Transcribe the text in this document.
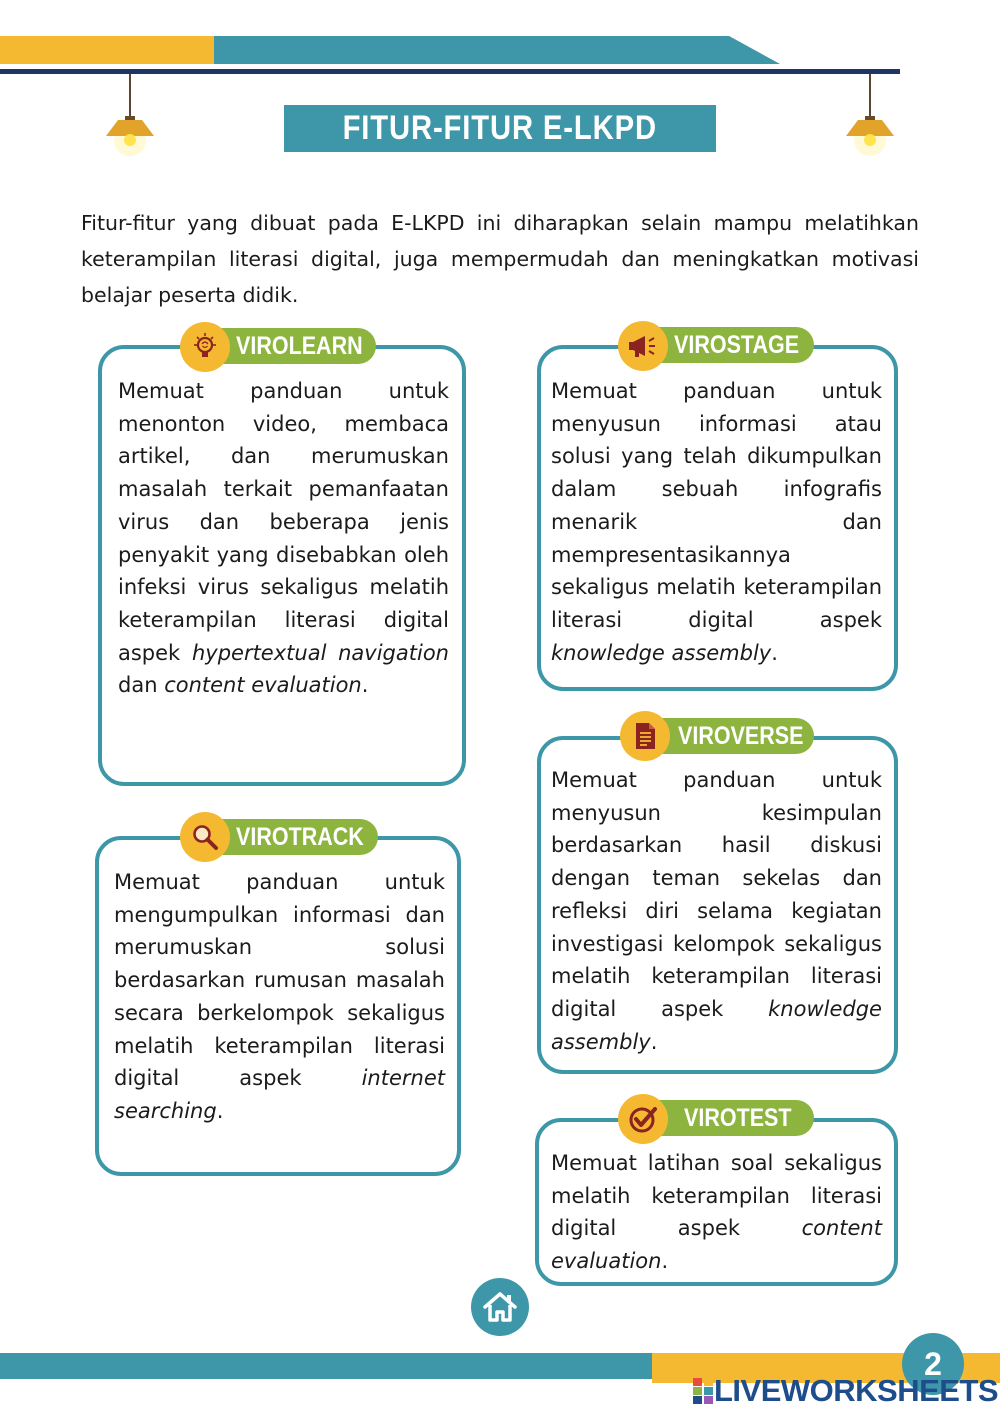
FITUR-FITUR E-LKPD
Fitur-fitur yang dibuat pada E-LKPD ini diharapkan selain mampu melatihkan keterampilan literasi digital, juga mempermudah dan meningkatkan motivasi belajar peserta didik.
Memuat panduan untuk menonton video, membaca artikel, dan merumuskan masalah terkait pemanfaatan virus dan beberapa jenis penyakit yang disebabkan oleh infeksi virus sekaligus melatih keterampilan literasi digital aspek hypertextual navigation dan content evaluation.
VIROLEARN
Memuat panduan untuk mengumpulkan informasi dan merumuskan solusi berdasarkan rumusan masalah secara berkelompok sekaligus melatih keterampilan literasi digital aspek	internet searching.
VIROTRACK
Memuat panduan untuk menyusun informasi atau solusi yang telah dikumpulkan dalam sebuah infografis menarik dan mempresentasikannya sekaligus melatih keterampilan literasi digital aspek knowledge assembly.
VIROSTAGE
Memuat panduan untuk menyusun kesimpulan berdasarkan hasil diskusi dengan teman sekelas dan refleksi diri selama kegiatan investigasi kelompok sekaligus melatih keterampilan literasi digital aspek knowledge assembly.
VIROVERSE
Memuat latihan soal sekaligus melatih keterampilan literasi digital aspek	content evaluation.
VIROTEST
2
LIVEWORKSHEETS
